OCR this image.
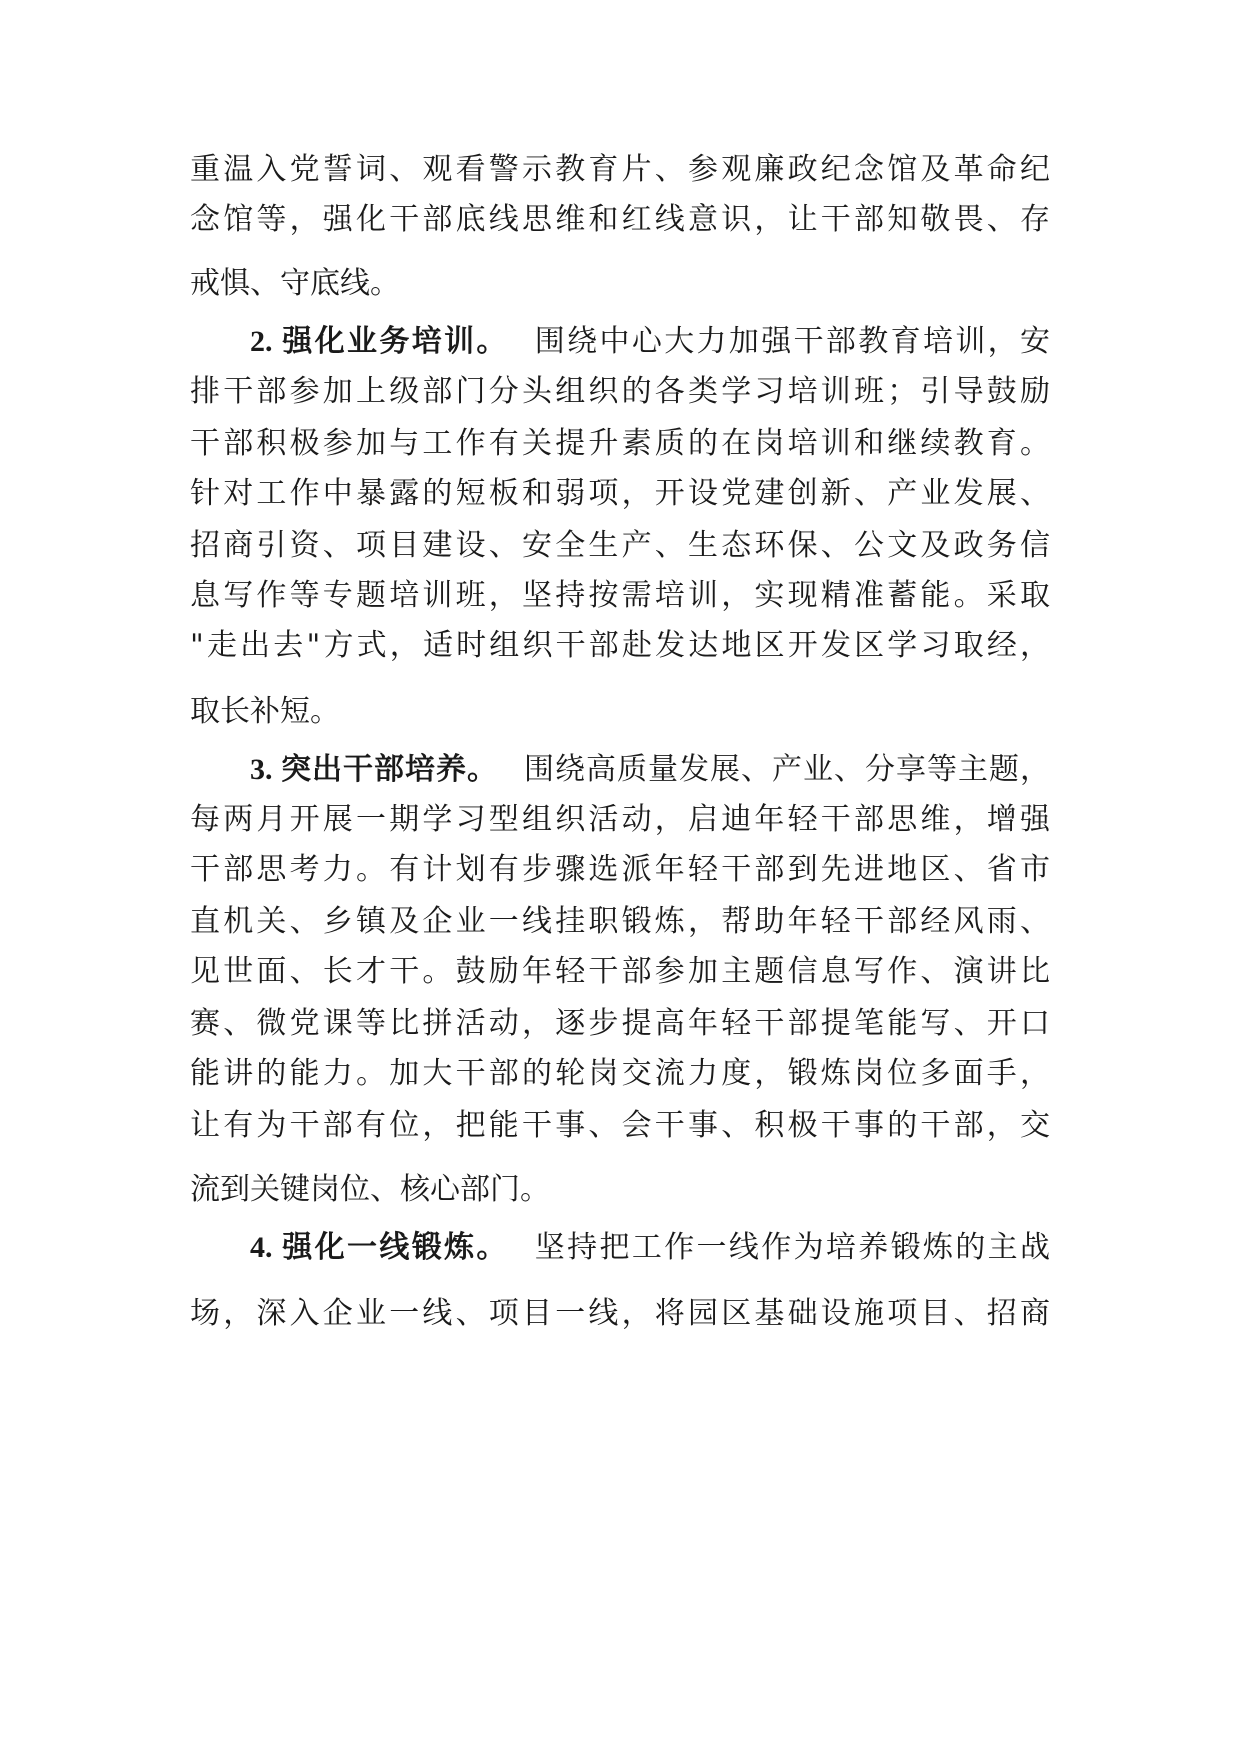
重温入党誓词、观看警示教育片、参观廉政纪念馆及革命纪
念馆等，强化干部底线思维和红线意识，让干部知敬畏、存
戒惧、守底线。
2. 强化业务培训。 围绕中心大力加强干部教育培训，安
排干部参加上级部门分头组织的各类学习培训班；引导鼓励
干部积极参加与工作有关提升素质的在岗培训和继续教育。
针对工作中暴露的短板和弱项，开设党建创新、产业发展、
招商引资、项目建设、安全生产、生态环保、公文及政务信
息写作等专题培训班，坚持按需培训，实现精准蓄能。采取
"走出去"方式，适时组织干部赴发达地区开发区学习取经，
取长补短。
3. 突出干部培养。 围绕高质量发展、产业、分享等主题，
每两月开展一期学习型组织活动，启迪年轻干部思维，增强
干部思考力。有计划有步骤选派年轻干部到先进地区、省市
直机关、乡镇及企业一线挂职锻炼，帮助年轻干部经风雨、
见世面、长才干。鼓励年轻干部参加主题信息写作、演讲比
赛、微党课等比拼活动，逐步提高年轻干部提笔能写、开口
能讲的能力。加大干部的轮岗交流力度，锻炼岗位多面手，
让有为干部有位，把能干事、会干事、积极干事的干部，交
流到关键岗位、核心部门。
4. 强化一线锻炼。 坚持把工作一线作为培养锻炼的主战
场，深入企业一线、项目一线，将园区基础设施项目、招商
